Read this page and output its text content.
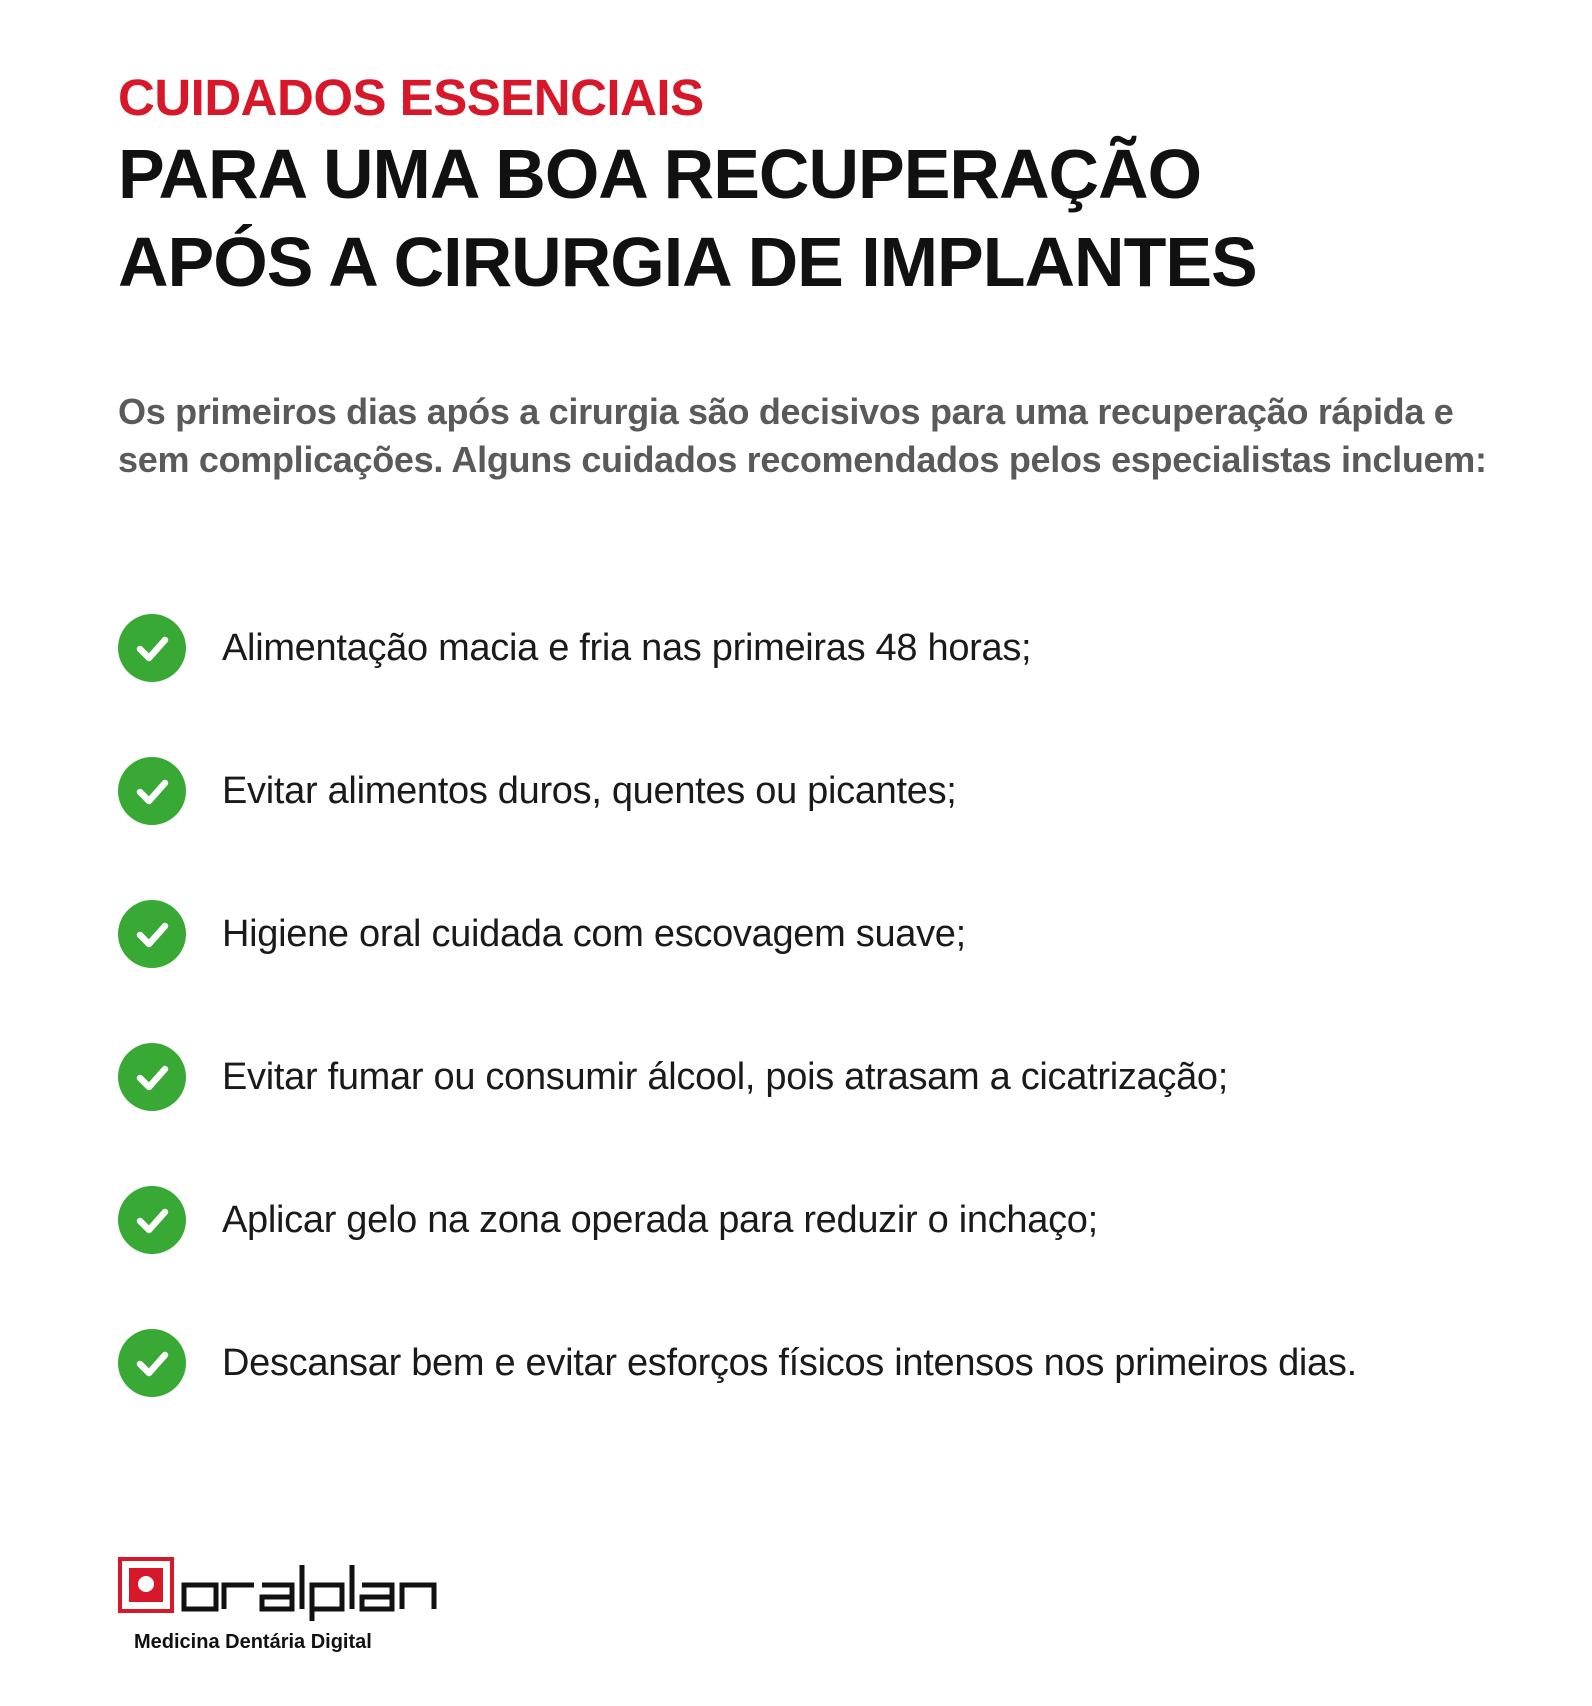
CUIDADOS ESSENCIAIS
PARA UMA BOA RECUPERAÇÃO
APÓS A CIRURGIA DE IMPLANTES

Os primeiros dias após a cirurgia são decisivos para uma recuperação rápida e sem complicações. Alguns cuidados recomendados pelos especialistas incluem:

Alimentação macia e fria nas primeiras 48 horas;
Evitar alimentos duros, quentes ou picantes;
Higiene oral cuidada com escovagem suave;
Evitar fumar ou consumir álcool, pois atrasam a cicatrização;
Aplicar gelo na zona operada para reduzir o inchaço;
Descansar bem e evitar esforços físicos intensos nos primeiros dias.
Medicina Dentária Digital
